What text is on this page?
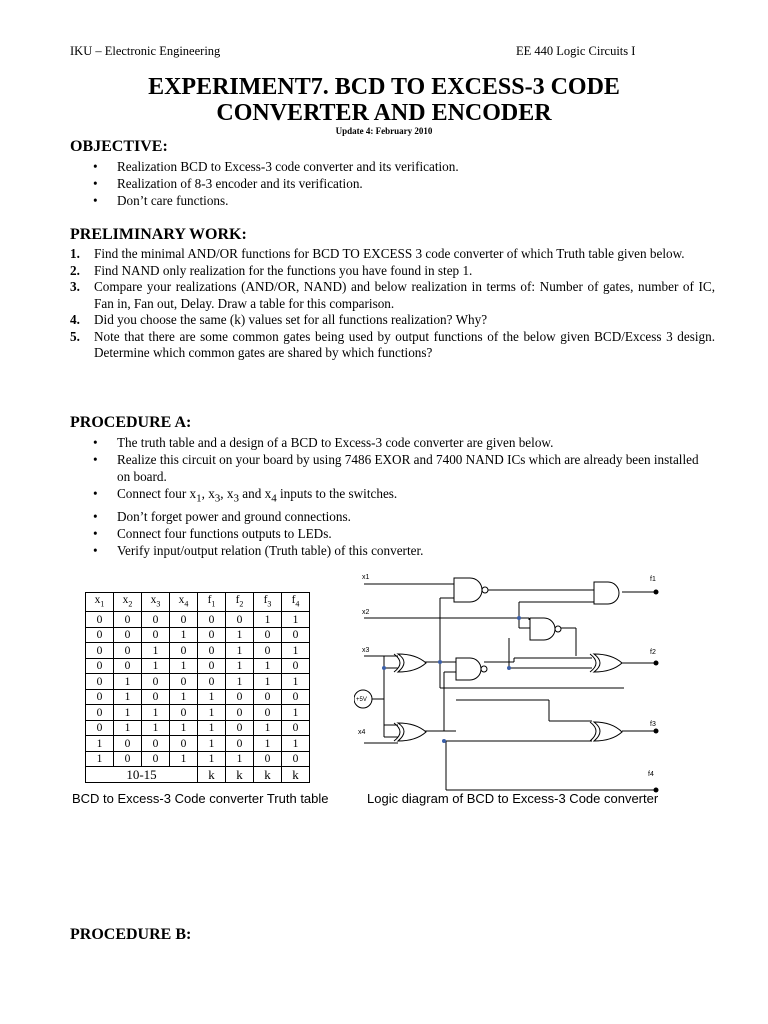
IKU – Electronic Engineering	EE 440 Logic Circuits I
EXPERIMENT7. BCD TO EXCESS-3 CODE
CONVERTER AND ENCODER
Update 4: February 2010
OBJECTIVE:
• Realization BCD to Excess-3 code converter and its verification.
• Realization of 8-3 encoder and its verification.
• Don’t care functions.
PRELIMINARY WORK:
1. Find the minimal AND/OR functions for BCD TO EXCESS 3 code converter of which Truth table given below.
2. Find NAND only realization for the functions you have found in step 1.
3. Compare your realizations (AND/OR, NAND) and below realization in terms of: Number of gates, number of IC, Fan in, Fan out, Delay. Draw a table for this comparison.
4. Did you choose the same (k) values set for all functions realization? Why?
5. Note that there are some common gates being used by output functions of the below given BCD/Excess 3 design. Determine which common gates are shared by which functions?
PROCEDURE A:
• The truth table and a design of a BCD to Excess-3 code converter are given below.
• Realize this circuit on your board by using 7486 EXOR and 7400 NAND ICs which are already been installed on board.
• Connect four $x_1$, $x_3$, $x_3$ and $x_4$ inputs to the switches.
• Don’t forget power and ground connections.
• Connect four functions outputs to LEDs.
• Verify input/output relation (Truth table) of this converter.
$x_1$	$x_2$	$x_3$	$x_4$	$f_1$	$f_2$	$f_3$	$f_4$
0	0	0	0	0	0	1	1
0	0	0	1	0	1	0	0
0	0	1	0	0	1	0	1
0	0	1	1	0	1	1	0
0	1	0	0	0	1	1	1
0	1	0	1	1	0	0	0
0	1	1	0	1	0	0	1
0	1	1	1	1	0	1	0
1	0	0	0	1	0	1	1
1	0	0	1	1	1	0	0
10-15				k	k	k	k
x1
x2
x3
+5V
x4
f1
f2
f3
f4
BCD to Excess-3 Code converter Truth table	Logic diagram of BCD to Excess-3 Code converter
PROCEDURE B:
